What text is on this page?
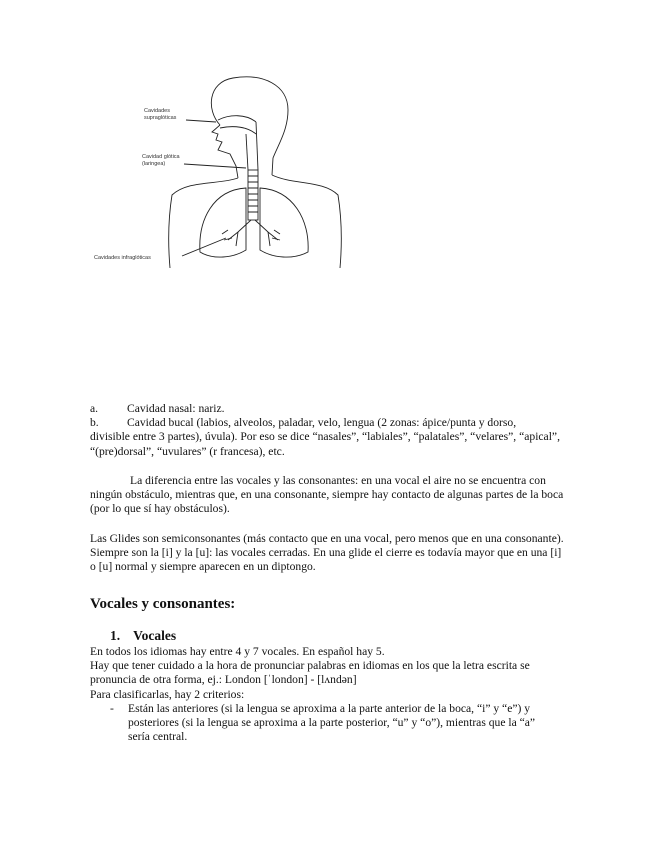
Cavidades
supraglóticas
Cavidad glótica
(laringea)
Cavidades infraglóticas
a.	Cavidad nasal: nariz.
b.	Cavidad bucal (labios, alveolos, paladar, velo, lengua (2 zonas: ápice/punta y dorso,
divisible entre 3 partes), úvula). Por eso se dice “nasales”, “labiales”, “palatales”, “velares”, “apical”, “(pre)dorsal”, “uvulares” (r francesa), etc.
La diferencia entre las vocales y las consonantes: en una vocal el aire no se encuentra con ningún obstáculo, mientras que, en una consonante, siempre hay contacto de algunas partes de la boca (por lo que sí hay obstáculos).
Las Glides son semiconsonantes (más contacto que en una vocal, pero menos que en una consonante). Siempre son la [i] y la [u]: las vocales cerradas. En una glide el cierre es todavía mayor que en una [i] o [u] normal y siempre aparecen en un diptongo.
Vocales y consonantes:
1. Vocales
En todos los idiomas hay entre 4 y 7 vocales. En español hay 5.
Hay que tener cuidado a la hora de pronunciar palabras en idiomas en los que la letra escrita se pronuncia de otra forma, ej.: London [ˈlondon] - [lʌndən]
Para clasificarlas, hay 2 criterios:
-	Están las anteriores (si la lengua se aproxima a la parte anterior de la boca, “i” y “e”) y posteriores (si la lengua se aproxima a la parte posterior, “u” y “o”), mientras que la “a” sería central.
